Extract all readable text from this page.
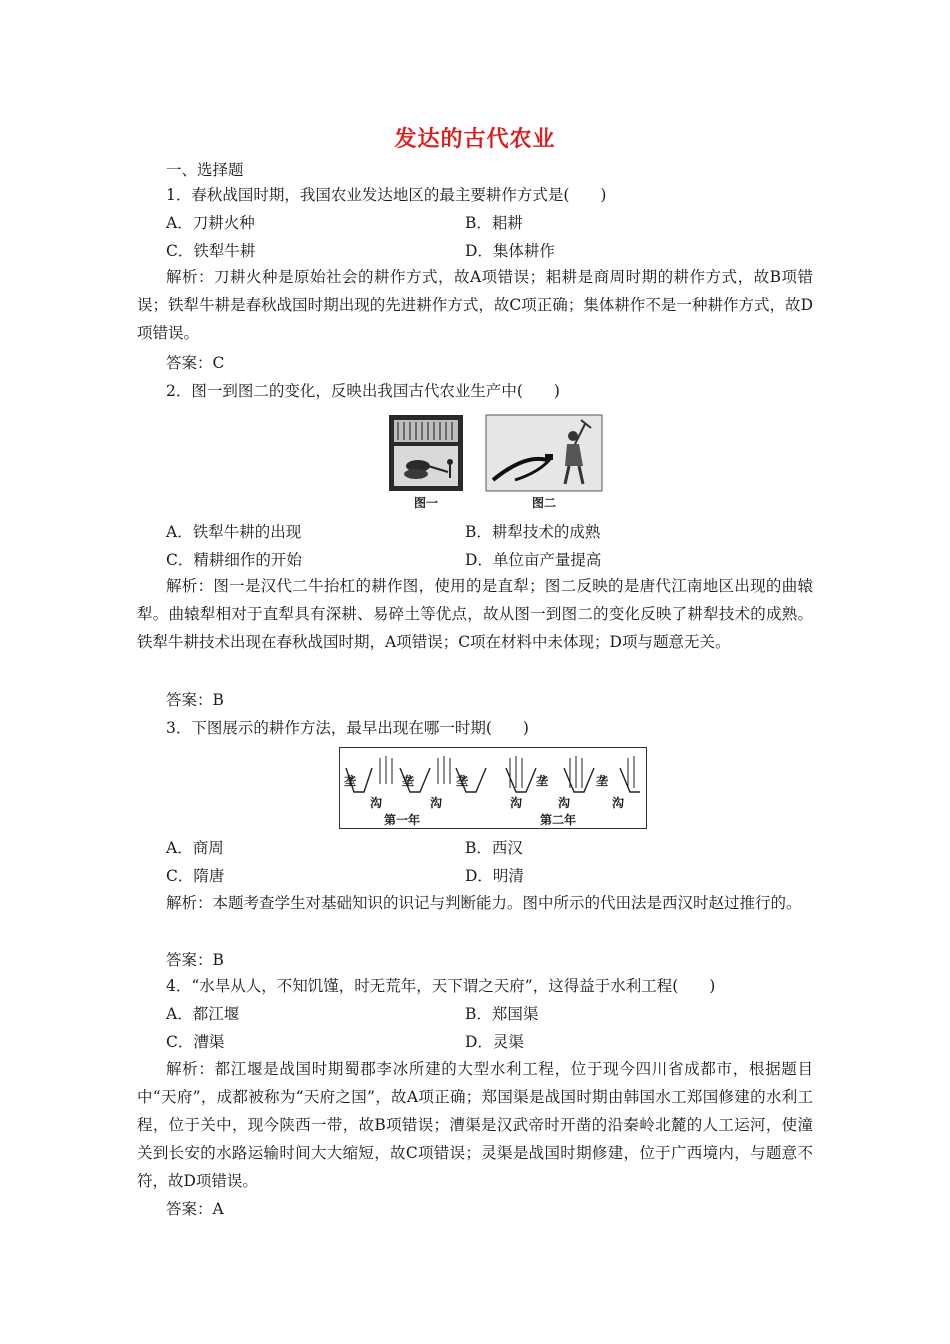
发达的古代农业
一、选择题
1．春秋战国时期，我国农业发达地区的最主要耕作方式是(　　)
A．刀耕火种	B．耜耕
C．铁犁牛耕	D．集体耕作
解析：刀耕火种是原始社会的耕作方式，故A项错误；耜耕是商周时期的耕作方式，故B项错误；铁犁牛耕是春秋战国时期出现的先进耕作方式，故C项正确；集体耕作不是一种耕作方式，故D项错误。
答案：C
2．图一到图二的变化，反映出我国古代农业生产中(　　)
图一	图二
A．铁犁牛耕的出现	B．耕犁技术的成熟
C．精耕细作的开始	D．单位亩产量提高
解析：图一是汉代二牛抬杠的耕作图，使用的是直犁；图二反映的是唐代江南地区出现的曲辕犁。曲辕犁相对于直犁具有深耕、易碎土等优点，故从图一到图二的变化反映了耕犁技术的成熟。铁犁牛耕技术出现在春秋战国时期，A项错误；C项在材料中未体现；D项与题意无关。
答案：B
3．下图展示的耕作方法，最早出现在哪一时期(　　)
垄	垄	垄	垄	垄
沟	沟	沟	沟	沟
第一年	第二年
A．商周	B．西汉
C．隋唐	D．明清
解析：本题考查学生对基础知识的识记与判断能力。图中所示的代田法是西汉时赵过推行的。
答案：B
4．“水旱从人，不知饥馑，时无荒年，天下谓之天府”，这得益于水利工程(　　)
A．都江堰	B．郑国渠
C．漕渠	D．灵渠
解析：都江堰是战国时期蜀郡李冰所建的大型水利工程，位于现今四川省成都市，根据题目中“天府”，成都被称为“天府之国”，故A项正确；郑国渠是战国时期由韩国水工郑国修建的水利工程，位于关中，现今陕西一带，故B项错误；漕渠是汉武帝时开凿的沿秦岭北麓的人工运河，使潼关到长安的水路运输时间大大缩短，故C项错误；灵渠是战国时期修建，位于广西境内，与题意不符，故D项错误。
答案：A
